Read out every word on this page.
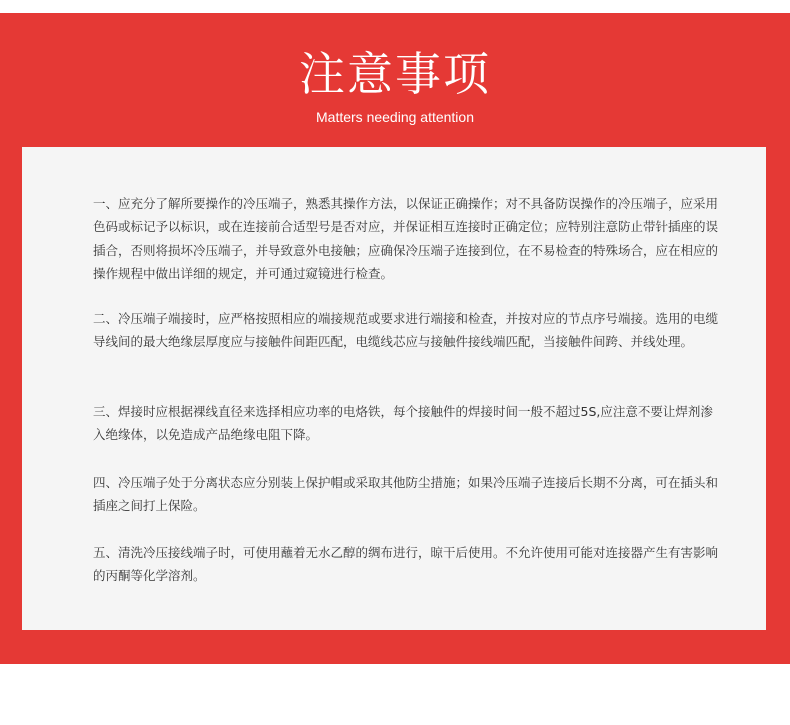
注意事项
Matters needing attention

一、应充分了解所要操作的冷压端子，熟悉其操作方法，以保证正确操作；对不具备防误操作的冷压端子，应采用色码或标记予以标识，或在连接前合适型号是否对应，并保证相互连接时正确定位；应特别注意防止带针插座的误插合，否则将损坏冷压端子，并导致意外电接触；应确保冷压端子连接到位，在不易检查的特殊场合，应在相应的操作规程中做出详细的规定，并可通过窥镜进行检查。

二、冷压端子端接时，应严格按照相应的端接规范或要求进行端接和检查，并按对应的节点序号端接。选用的电缆导线间的最大绝缘层厚度应与接触件间距匹配，电缆线芯应与接触件接线端匹配，当接触件间跨、并线处理。

三、焊接时应根据裸线直径来选择相应功率的电烙铁，每个接触件的焊接时间一般不超过5S,应注意不要让焊剂渗入绝缘体，以免造成产品绝缘电阻下降。

四、冷压端子处于分离状态应分别装上保护帽或采取其他防尘措施；如果冷压端子连接后长期不分离，可在插头和插座之间打上保险。

五、清洗冷压接线端子时，可使用蘸着无水乙醇的绸布进行，晾干后使用。不允许使用可能对连接器产生有害影响的丙酮等化学溶剂。
